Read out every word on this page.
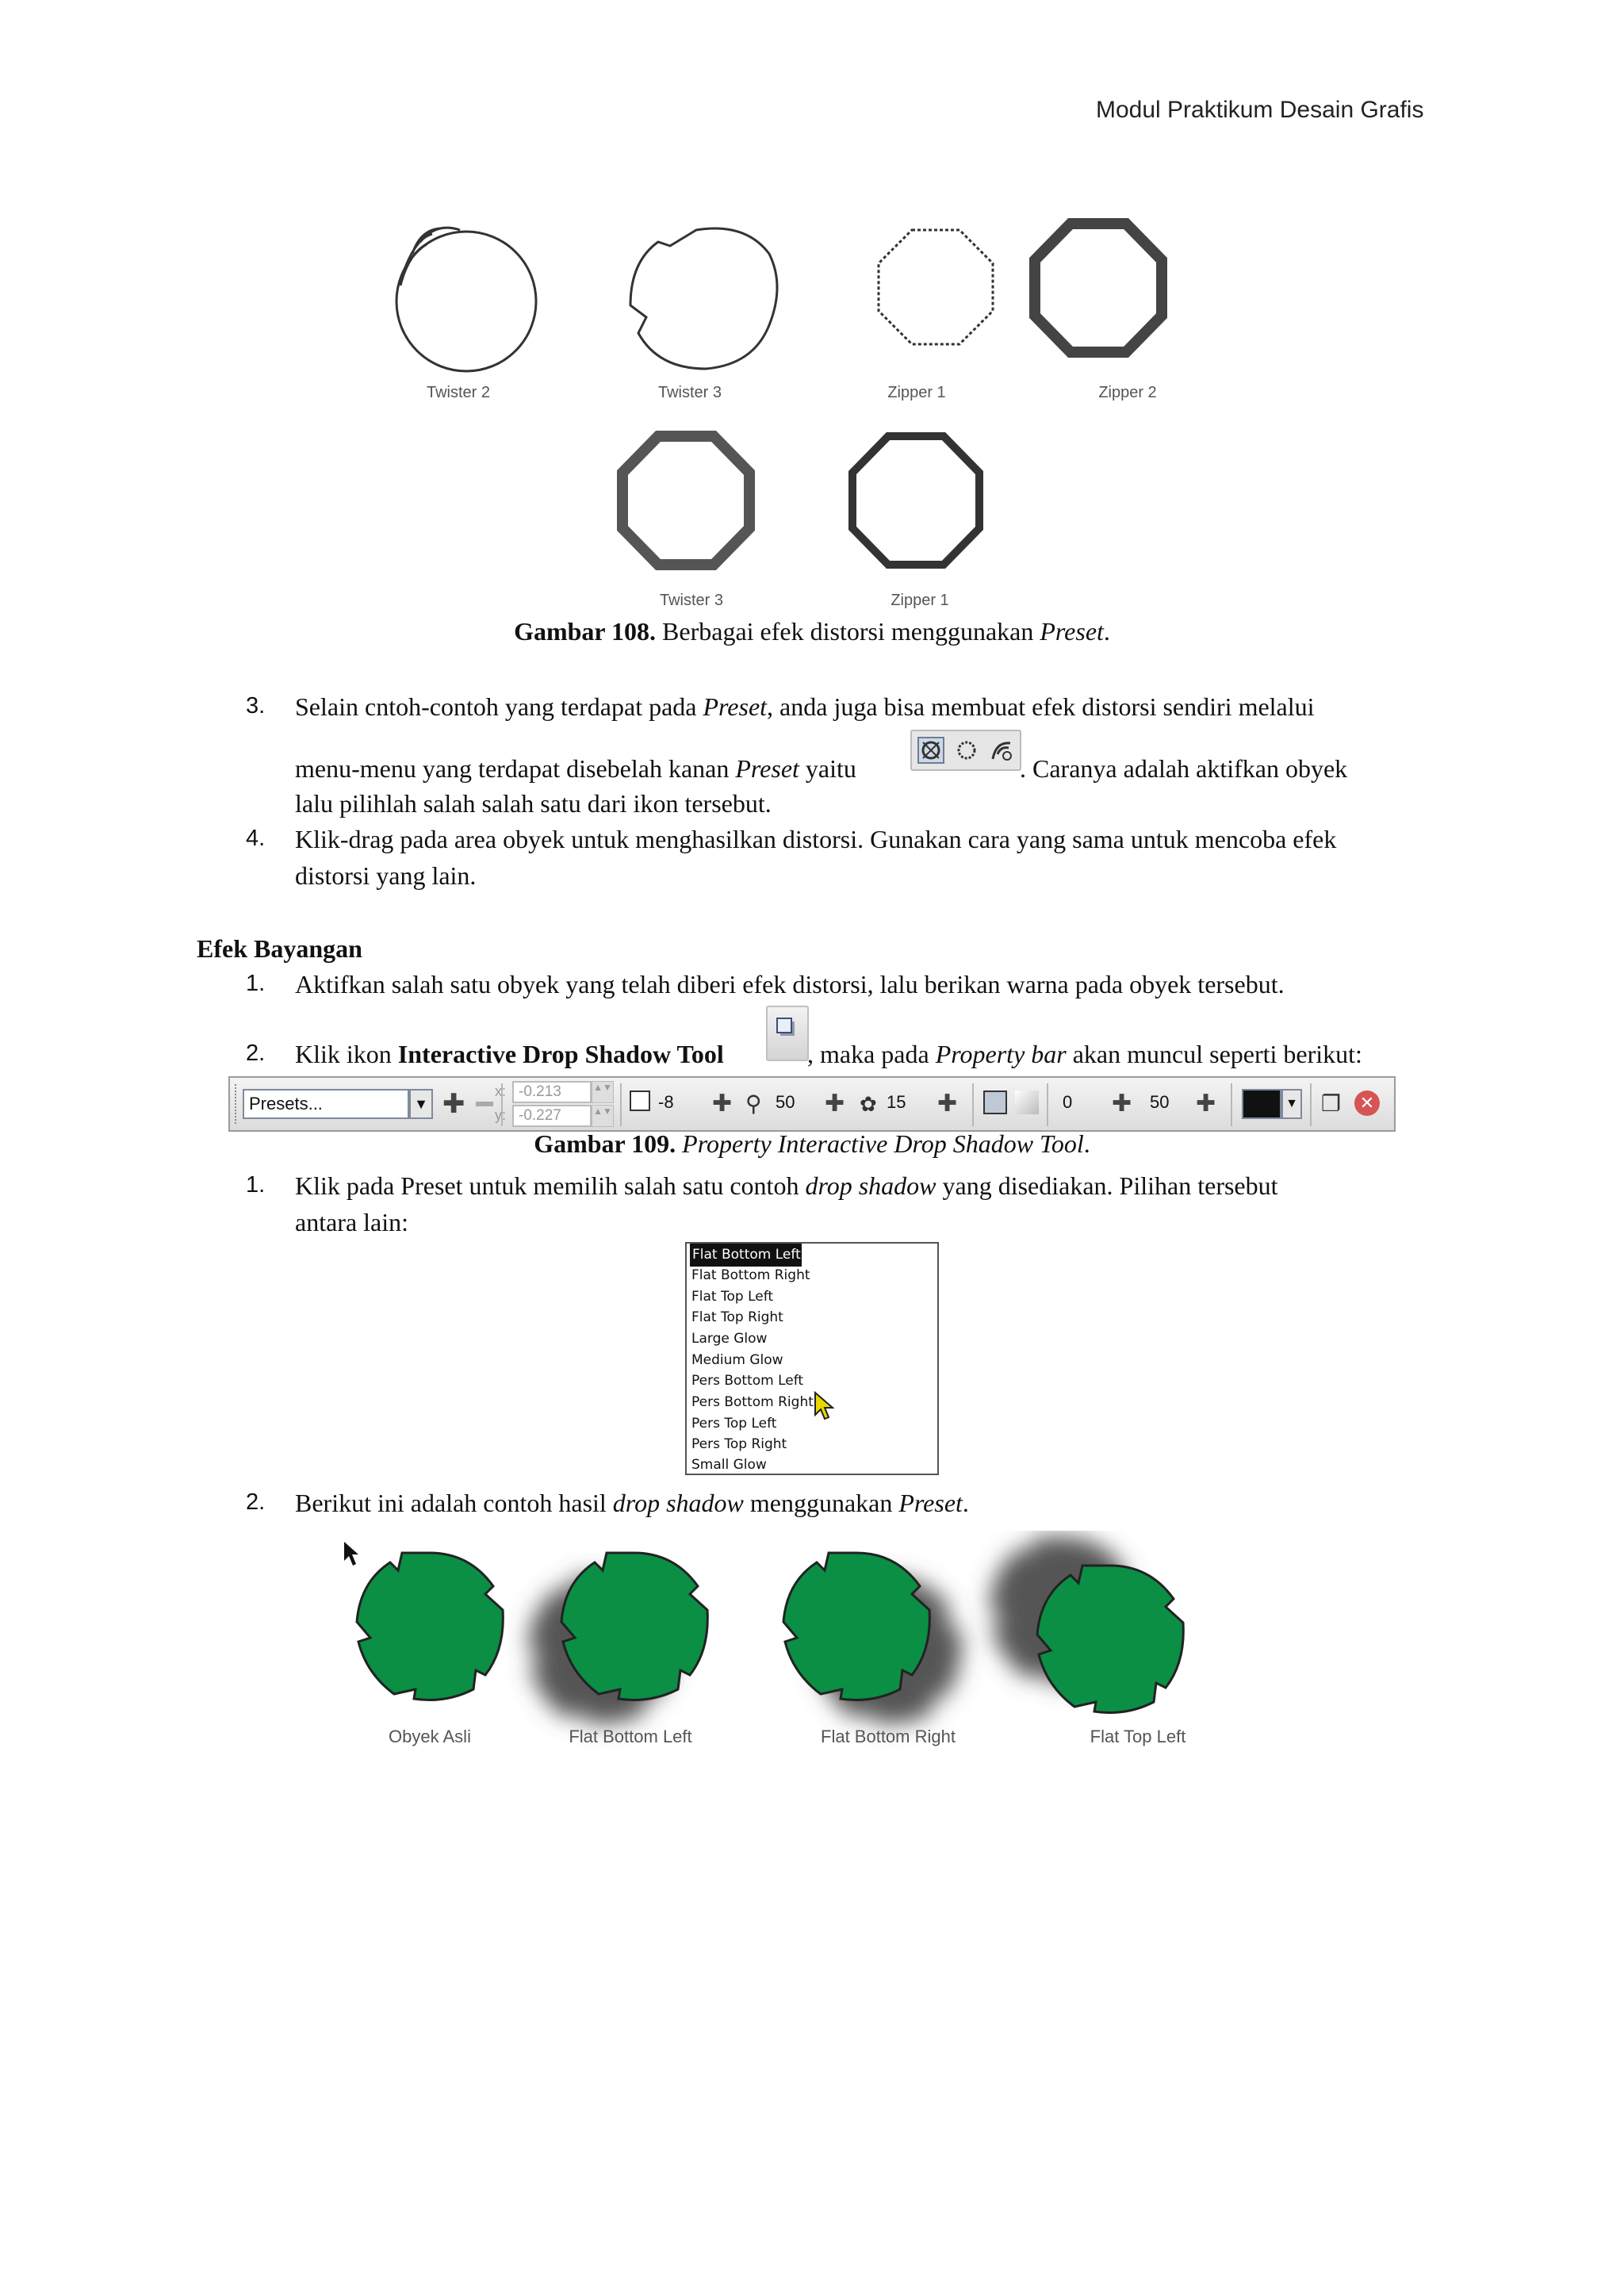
Modul Praktikum Desain Grafis
Twister 2	Twister 3	Zipper 1	Zipper 2
Twister 3	Zipper 1
Gambar 108. Berbagai efek distorsi menggunakan Preset.
3. Selain cntoh-contoh yang terdapat pada Preset, anda juga bisa membuat efek distorsi sendiri melalui
menu-menu yang terdapat disebelah kanan Preset yaitu	. Caranya adalah aktifkan obyek
lalu pilihlah salah salah satu dari ikon tersebut.
4. Klik-drag pada area obyek untuk menghasilkan distorsi. Gunakan cara yang sama untuk mencoba efek
distorsi yang lain.
Efek Bayangan
1. Aktifkan salah satu obyek yang telah diberi efek distorsi, lalu berikan warna pada obyek tersebut.
2. Klik ikon Interactive Drop Shadow Tool	, maka pada Property bar akan muncul seperti berikut:
Presets...	▼ ✚ x:
y:
-0.213
-0.227
▲▼
▲▼	-8	✚ ⚲ 50	✚ ✿ 15	✚	0	✚ 50	✚	▼ ❐	✕
Gambar 109. Property Interactive Drop Shadow Tool.
1. Klik pada Preset untuk memilih salah satu contoh drop shadow yang disediakan. Pilihan tersebut
antara lain:
Flat Bottom Left
Flat Bottom Right
Flat Top Left
Flat Top Right
Large Glow
Medium Glow
Pers Bottom Left
Pers Bottom Right
Pers Top Left
Pers Top Right
Small Glow
2. Berikut ini adalah contoh hasil drop shadow menggunakan Preset.
Obyek Asli	Flat Bottom Left	Flat Bottom Right	Flat Top Left
